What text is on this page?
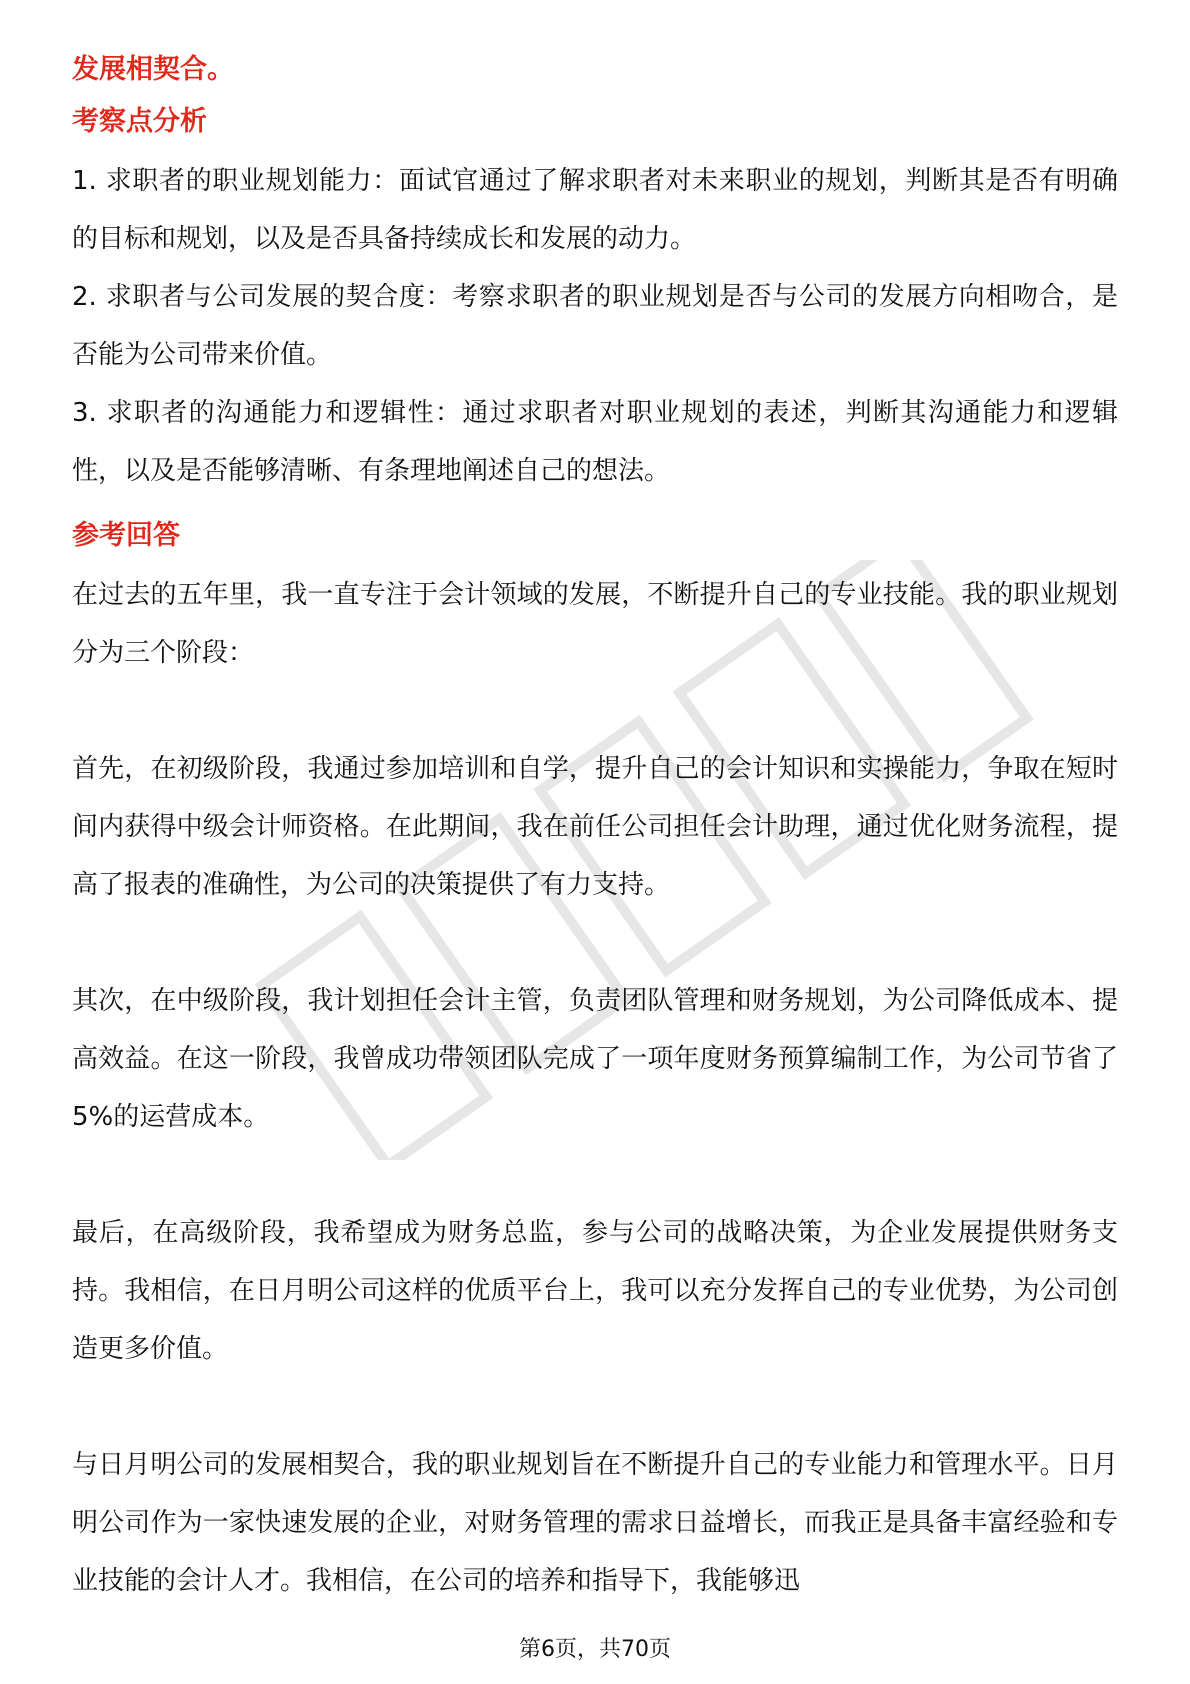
发展相契合。

考察点分析

1. 求职者的职业规划能力：面试官通过了解求职者对未来职业的规划，判断其是否有明确的目标和规划，以及是否具备持续成长和发展的动力。

2. 求职者与公司发展的契合度：考察求职者的职业规划是否与公司的发展方向相吻合，是否能为公司带来价值。

3. 求职者的沟通能力和逻辑性：通过求职者对职业规划的表述，判断其沟通能力和逻辑性，以及是否能够清晰、有条理地阐述自己的想法。

参考回答

在过去的五年里，我一直专注于会计领域的发展，不断提升自己的专业技能。我的职业规划分为三个阶段：

首先，在初级阶段，我通过参加培训和自学，提升自己的会计知识和实操能力，争取在短时间内获得中级会计师资格。在此期间，我在前任公司担任会计助理，通过优化财务流程，提高了报表的准确性，为公司的决策提供了有力支持。

其次，在中级阶段，我计划担任会计主管，负责团队管理和财务规划，为公司降低成本、提高效益。在这一阶段，我曾成功带领团队完成了一项年度财务预算编制工作，为公司节省了5%的运营成本。

最后，在高级阶段，我希望成为财务总监，参与公司的战略决策，为企业发展提供财务支持。我相信，在日月明公司这样的优质平台上，我可以充分发挥自己的专业优势，为公司创造更多价值。

与日月明公司的发展相契合，我的职业规划旨在不断提升自己的专业能力和管理水平。日月明公司作为一家快速发展的企业，对财务管理的需求日益增长，而我正是具备丰富经验和专业技能的会计人才。我相信，在公司的培养和指导下，我能够迅

第6页，共70页
